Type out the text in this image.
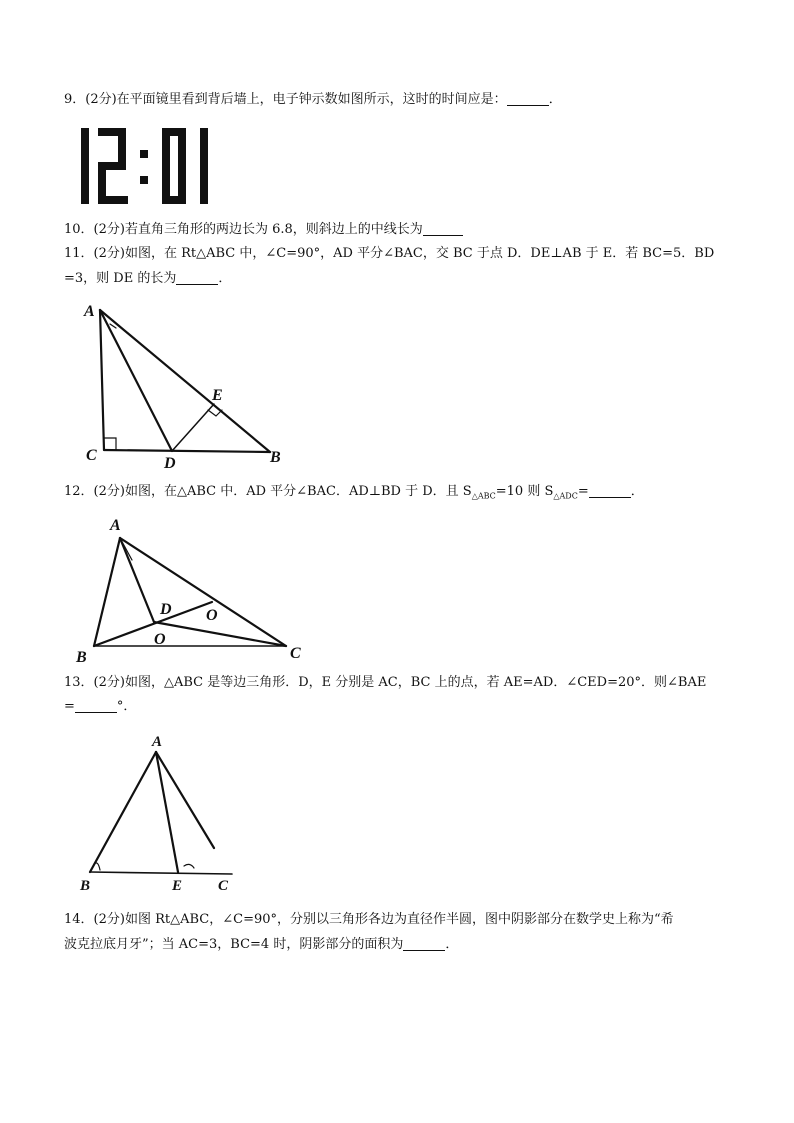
9．(2分)在平面镜里看到背后墙上，电子钟示数如图所示，这时的时间应是：	．
10．(2分)若直角三角形的两边长为 6.8，则斜边上的中线长为
11．(2分)如图，在 Rt△ABC 中，∠C=90°，AD 平分∠BAC，交 BC 于点 D．DE⊥AB 于 E．若 BC=5．BD
=3，则 DE 的长为	．
A
C	D	B
E
12．(2分)如图，在△ABC 中．AD 平分∠BAC．AD⊥BD 于 D．且 $S_{\triangle ABC}=10$ 则 $S_{\triangle ADC}=$	．
A
B	C
D O
O
13．(2分)如图，△ABC 是等边三角形．D，E 分别是 AC，BC 上的点，若 AE=AD．∠CED=20°．则∠BAE
=	°．
A
B	E C
14．(2分)如图 Rt△ABC，∠C=90°，分别以三角形各边为直径作半圆，图中阴影部分在数学史上称为“希
波克拉底月牙”；当 AC=3，BC=4 时，阴影部分的面积为	．
